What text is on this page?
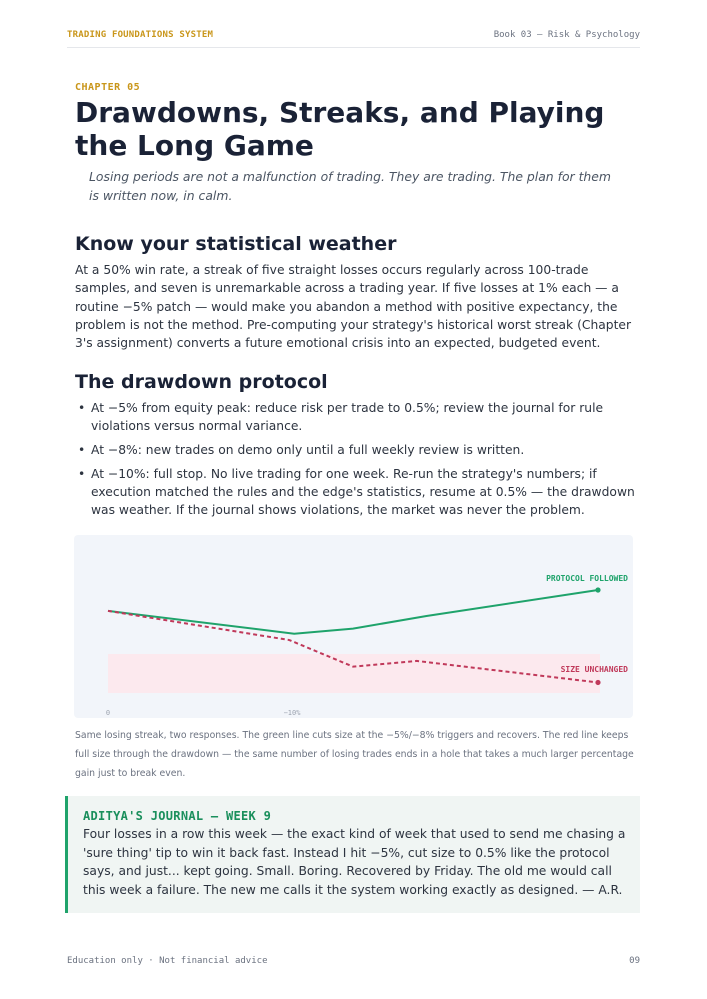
TRADING FOUNDATIONS SYSTEM	Book 03 — Risk & Psychology
CHAPTER 05
Drawdowns, Streaks, and Playing the Long Game

Losing periods are not a malfunction of trading. They are trading. The plan for them is written now, in calm.

Know your statistical weather

At a 50% win rate, a streak of five straight losses occurs regularly across 100-trade samples, and seven is unremarkable across a trading year. If five losses at 1% each — a routine −5% patch — would make you abandon a method with positive expectancy, the problem is not the method. Pre-computing your strategy's historical worst streak (Chapter 3's assignment) converts a future emotional crisis into an expected, budgeted event.

The drawdown protocol
• At −5% from equity peak: reduce risk per trade to 0.5%; review the journal for rule violations versus normal variance.
• At −8%: new trades on demo only until a full weekly review is written.
• At −10%: full stop. No live trading for one week. Re-run the strategy's numbers; if execution matched the rules and the edge's statistics, resume at 0.5% — the drawdown was weather. If the journal shows violations, the market was never the problem.
PROTOCOL FOLLOWED
SIZE UNCHANGED
0	−10%

Same losing streak, two responses. The green line cuts size at the −5%/−8% triggers and recovers. The red line keeps full size through the drawdown — the same number of losing trades ends in a hole that takes a much larger percentage gain just to break even.

ADITYA'S JOURNAL — WEEK 9

Four losses in a row this week — the exact kind of week that used to send me chasing a 'sure thing' tip to win it back fast. Instead I hit −5%, cut size to 0.5% like the protocol says, and just... kept going. Small. Boring. Recovered by Friday. The old me would call this week a failure. The new me calls it the system working exactly as designed. — A.R.

Education only · Not financial advice	09
